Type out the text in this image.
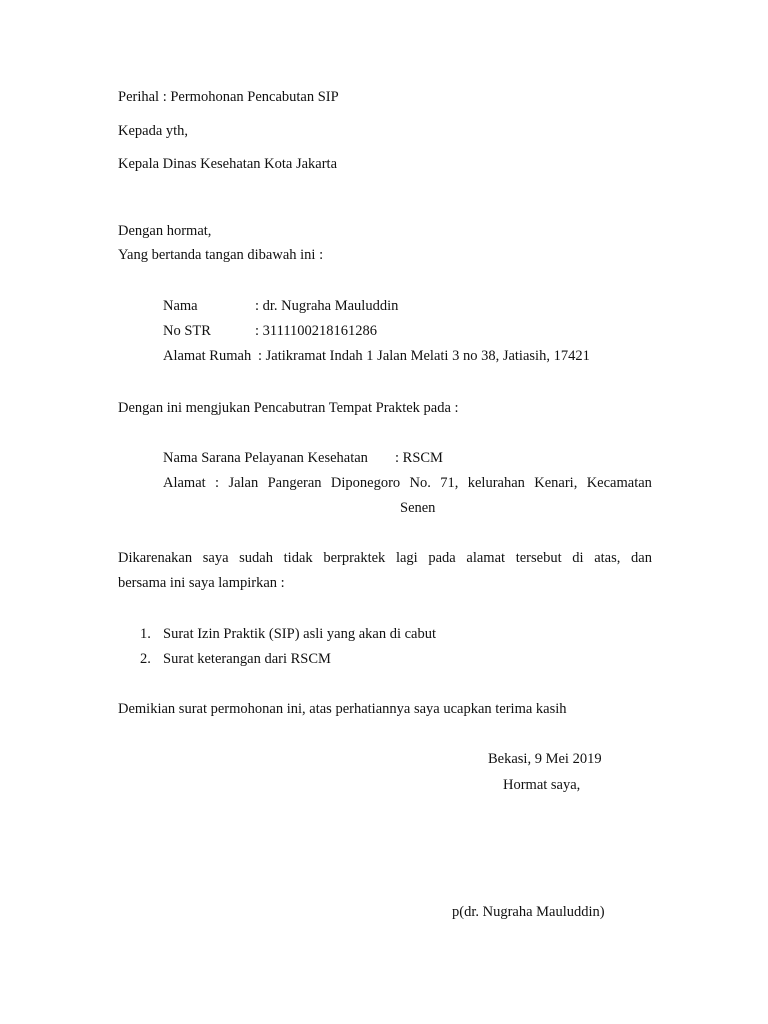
Perihal : Permohonan Pencabutan SIP
Kepada yth,
Kepala Dinas Kesehatan Kota Jakarta
Dengan hormat,
Yang bertanda tangan dibawah ini :
Nama	: dr. Nugraha Mauluddin
No STR	: 3111100218161286
Alamat Rumah : Jatikramat Indah 1 Jalan Melati 3 no 38, Jatiasih, 17421
Dengan ini mengjukan Pencabutran Tempat Praktek pada :
Nama Sarana Pelayanan Kesehatan : RSCM
Alamat : Jalan Pangeran Diponegoro No. 71, kelurahan Kenari, Kecamatan
Senen
Dikarenakan saya sudah tidak berpraktek lagi pada alamat tersebut di atas, dan
bersama ini saya lampirkan :
1. Surat Izin Praktik (SIP) asli yang akan di cabut
2. Surat keterangan dari RSCM
Demikian surat permohonan ini, atas perhatiannya saya ucapkan terima kasih
Bekasi, 9 Mei 2019
Hormat saya,
p(dr. Nugraha Mauluddin)
